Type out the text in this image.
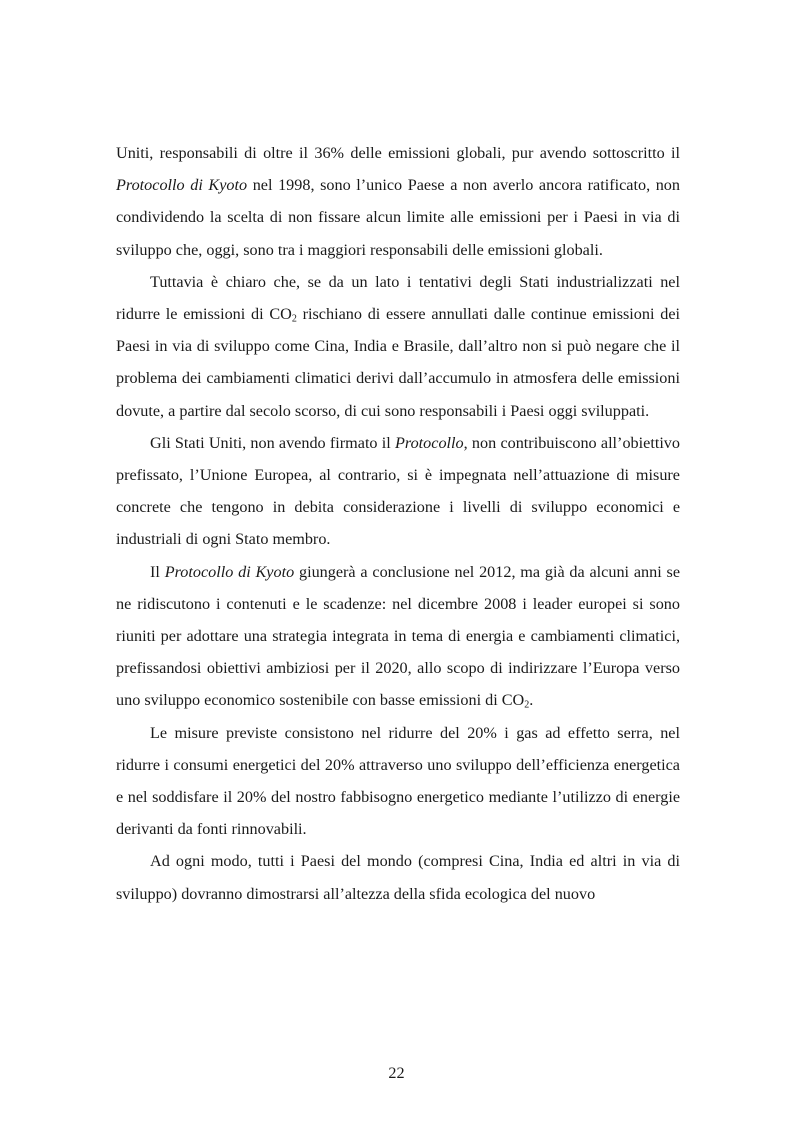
Uniti, responsabili di oltre il 36% delle emissioni globali, pur avendo sottoscritto il Protocollo di Kyoto nel 1998, sono l’unico Paese a non averlo ancora ratificato, non condividendo la scelta di non fissare alcun limite alle emissioni per i Paesi in via di sviluppo che, oggi, sono tra i maggiori responsabili delle emissioni globali.

Tuttavia è chiaro che, se da un lato i tentativi degli Stati industrializzati nel ridurre le emissioni di $CO_2$ rischiano di essere annullati dalle continue emissioni dei Paesi in via di sviluppo come Cina, India e Brasile, dall’altro non si può negare che il problema dei cambiamenti climatici derivi dall’accumulo in atmosfera delle emissioni dovute, a partire dal secolo scorso, di cui sono responsabili i Paesi oggi sviluppati.

Gli Stati Uniti, non avendo firmato il Protocollo, non contribuiscono all’obiettivo prefissato, l’Unione Europea, al contrario, si è impegnata nell’attuazione di misure concrete che tengono in debita considerazione i livelli di sviluppo economici e industriali di ogni Stato membro.

Il Protocollo di Kyoto giungerà a conclusione nel 2012, ma già da alcuni anni se ne ridiscutono i contenuti e le scadenze: nel dicembre 2008 i leader europei si sono riuniti per adottare una strategia integrata in tema di energia e cambiamenti climatici, prefissandosi obiettivi ambiziosi per il 2020, allo scopo di indirizzare l’Europa verso uno sviluppo economico sostenibile con basse emissioni di $CO_2$.

Le misure previste consistono nel ridurre del 20% i gas ad effetto serra, nel ridurre i consumi energetici del 20% attraverso uno sviluppo dell’efficienza energetica e nel soddisfare il 20% del nostro fabbisogno energetico mediante l’utilizzo di energie derivanti da fonti rinnovabili.

Ad ogni modo, tutti i Paesi del mondo (compresi Cina, India ed altri in via di sviluppo) dovranno dimostrarsi all’altezza della sfida ecologica del nuovo

22
